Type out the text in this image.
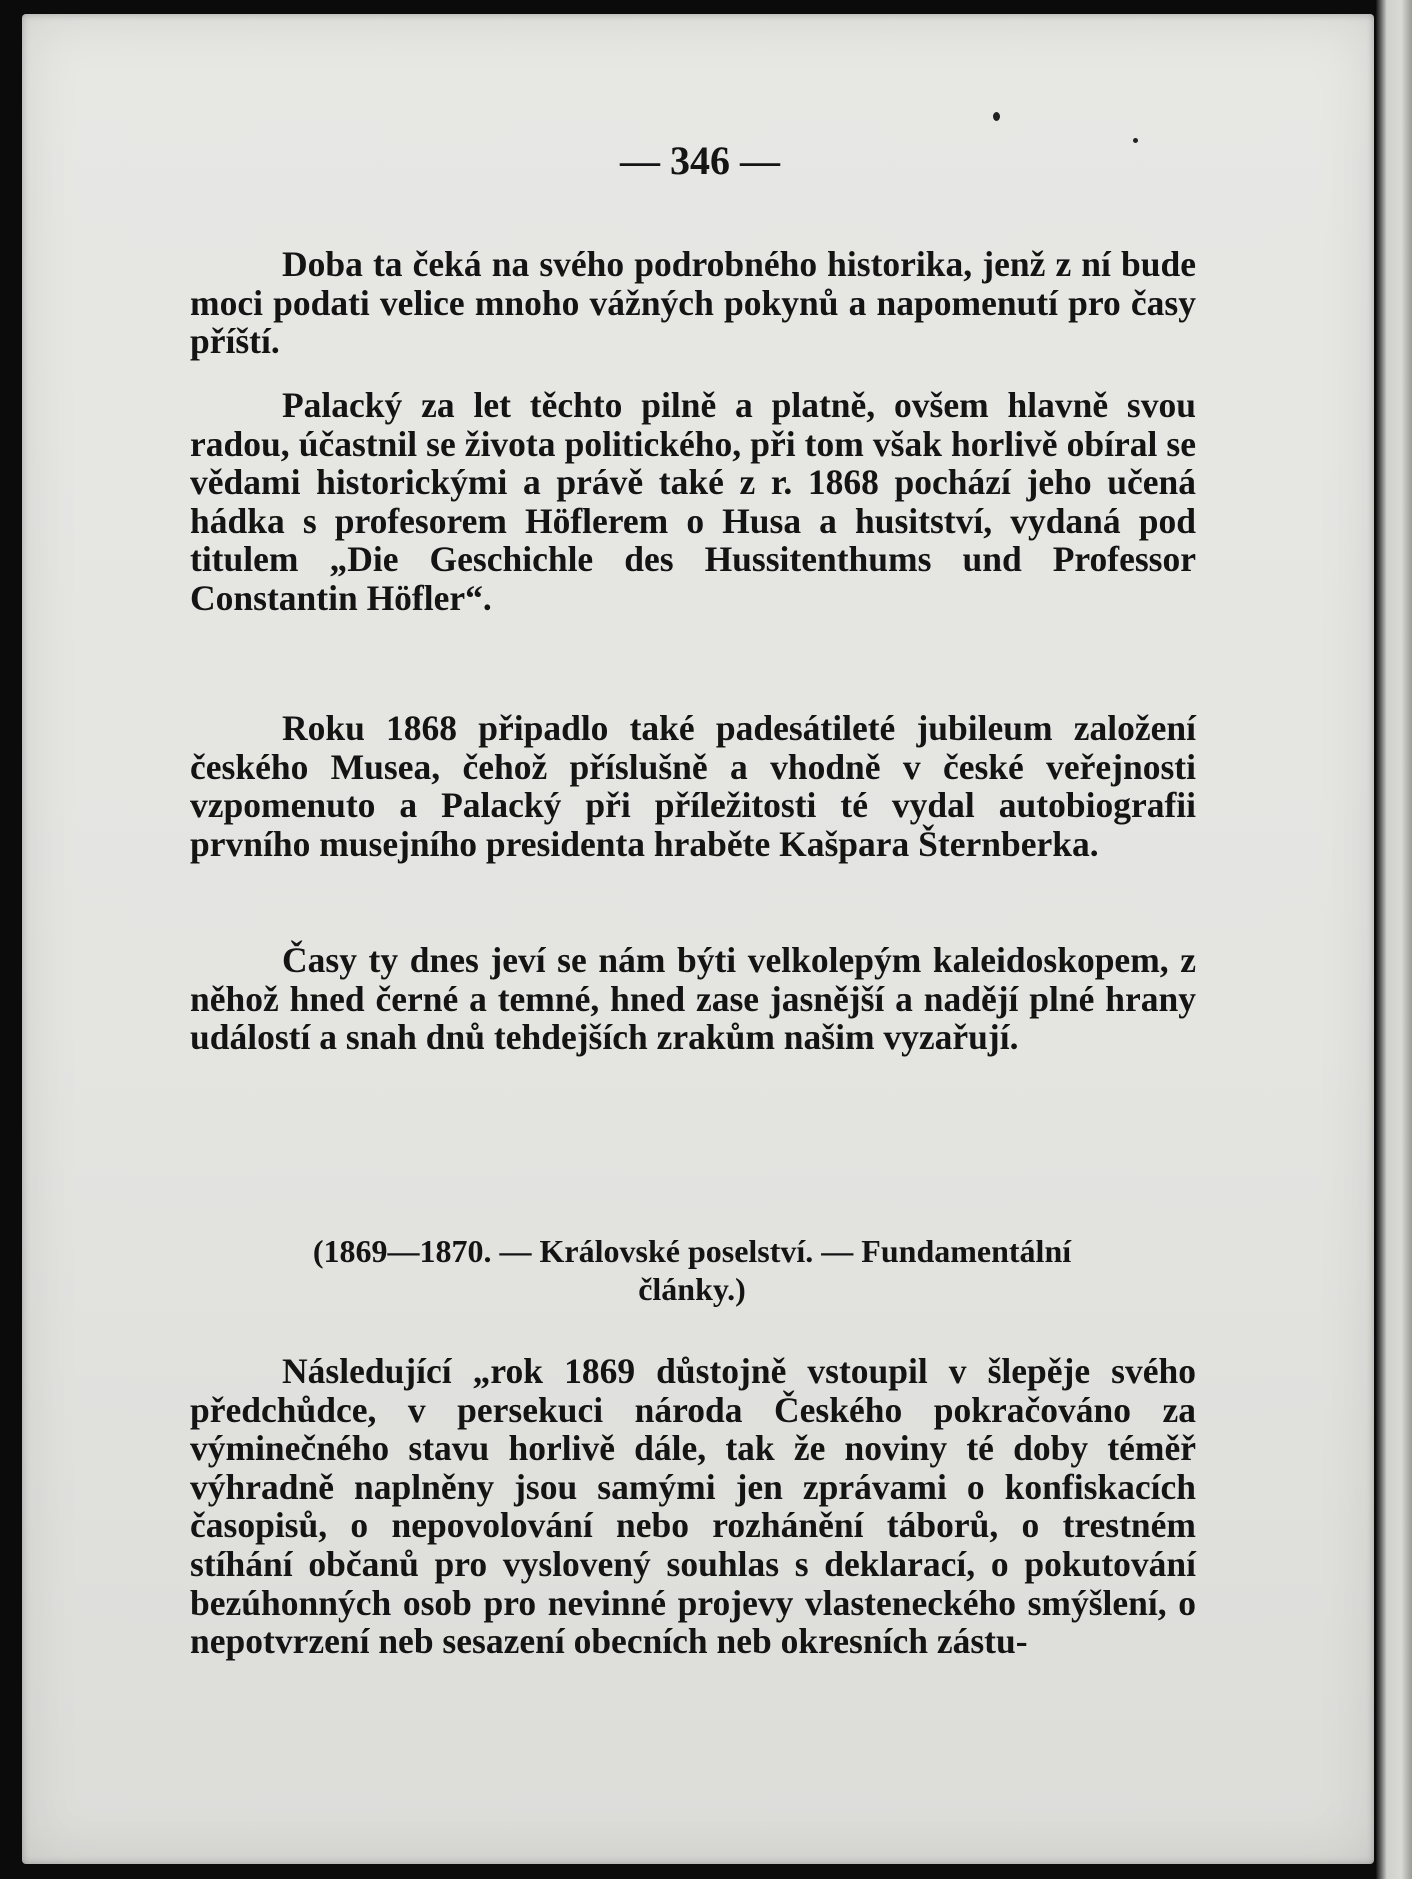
— 346 —

Doba ta čeká na svého podrobného historika, jenž z ní bude moci podati velice mnoho vážných pokynů a napomenutí pro časy příští.

Palacký za let těchto pilně a platně, ovšem hlavně svou radou, účastnil se života politického, při tom však horlivě obíral se vědami historickými a právě také z r. 1868 pochází jeho učená hádka s profesorem Höflerem o Husa a husitství, vydaná pod titulem „Die Geschichle des Hussitenthums und Professor Constantin Höfler“.

Roku 1868 připadlo také padesátileté jubileum založení českého Musea, čehož příslušně a vhodně v české veřejnosti vzpomenuto a Palacký při příležitosti té vydal autobiografii prvního musejního presidenta hraběte Kašpara Šternberka.

Časy ty dnes jeví se nám býti velkolepým kaleidoskopem, z něhož hned černé a temné, hned zase jasnější a nadějí plné hrany událostí a snah dnů tehdejších zrakům našim vyzařují.

(1869—1870. — Královské poselství. — Fundamentální články.)

Následující „rok 1869 důstojně vstoupil v šlepěje svého předchůdce, v persekuci národa Českého pokračováno za výminečného stavu horlivě dále, tak že noviny té doby téměř výhradně naplněny jsou samými jen zprávami o konfiskacích časopisů, o nepovolování nebo rozhánění táborů, o trestném stíhání občanů pro vyslovený souhlas s deklarací, o pokutování bezúhonných osob pro nevinné projevy vlasteneckého smýšlení, o nepotvrzení neb sesazení obecních neb okresních zástu-
